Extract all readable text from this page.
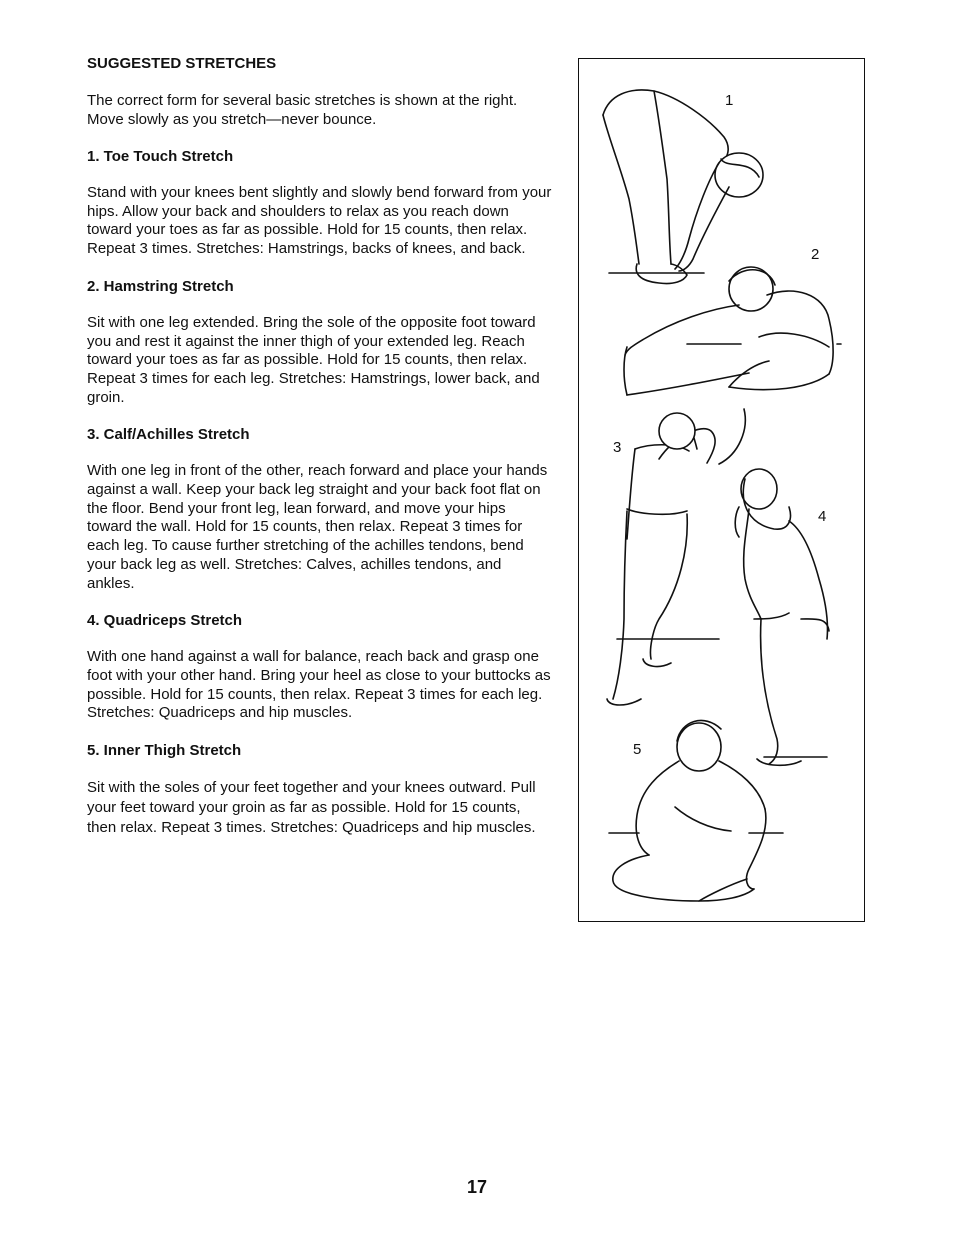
SUGGESTED STRETCHES

The correct form for several basic stretches is shown at the right. Move slowly as you stretch—never bounce.

1. Toe Touch Stretch

Stand with your knees bent slightly and slowly bend forward from your hips. Allow your back and shoulders to relax as you reach down toward your toes as far as possible. Hold for 15 counts, then relax. Repeat 3 times. Stretches: Hamstrings, backs of knees, and back.

2. Hamstring Stretch

Sit with one leg extended. Bring the sole of the opposite foot toward you and rest it against the inner thigh of your extended leg. Reach toward your toes as far as possible. Hold for 15 counts, then relax. Repeat 3 times for each leg. Stretches: Hamstrings, lower back, and groin.

3. Calf/Achilles Stretch

With one leg in front of the other, reach forward and place your hands against a wall. Keep your back leg straight and your back foot flat on the floor. Bend your front leg, lean forward, and move your hips toward the wall. Hold for 15 counts, then relax. Repeat 3 times for each leg. To cause further stretching of the achilles tendons, bend your back leg as well. Stretches: Calves, achilles tendons, and ankles.

4. Quadriceps Stretch

With one hand against a wall for balance, reach back and grasp one foot with your other hand. Bring your heel as close to your buttocks as possible. Hold for 15 counts, then relax. Repeat 3 times for each leg. Stretches: Quadriceps and hip muscles.

5. Inner Thigh Stretch

Sit with the soles of your feet together and your knees outward. Pull your feet toward your groin as far as possible. Hold for 15 counts, then relax. Repeat 3 times. Stretches: Quadriceps and hip muscles.

1
2
3
4
5
17
